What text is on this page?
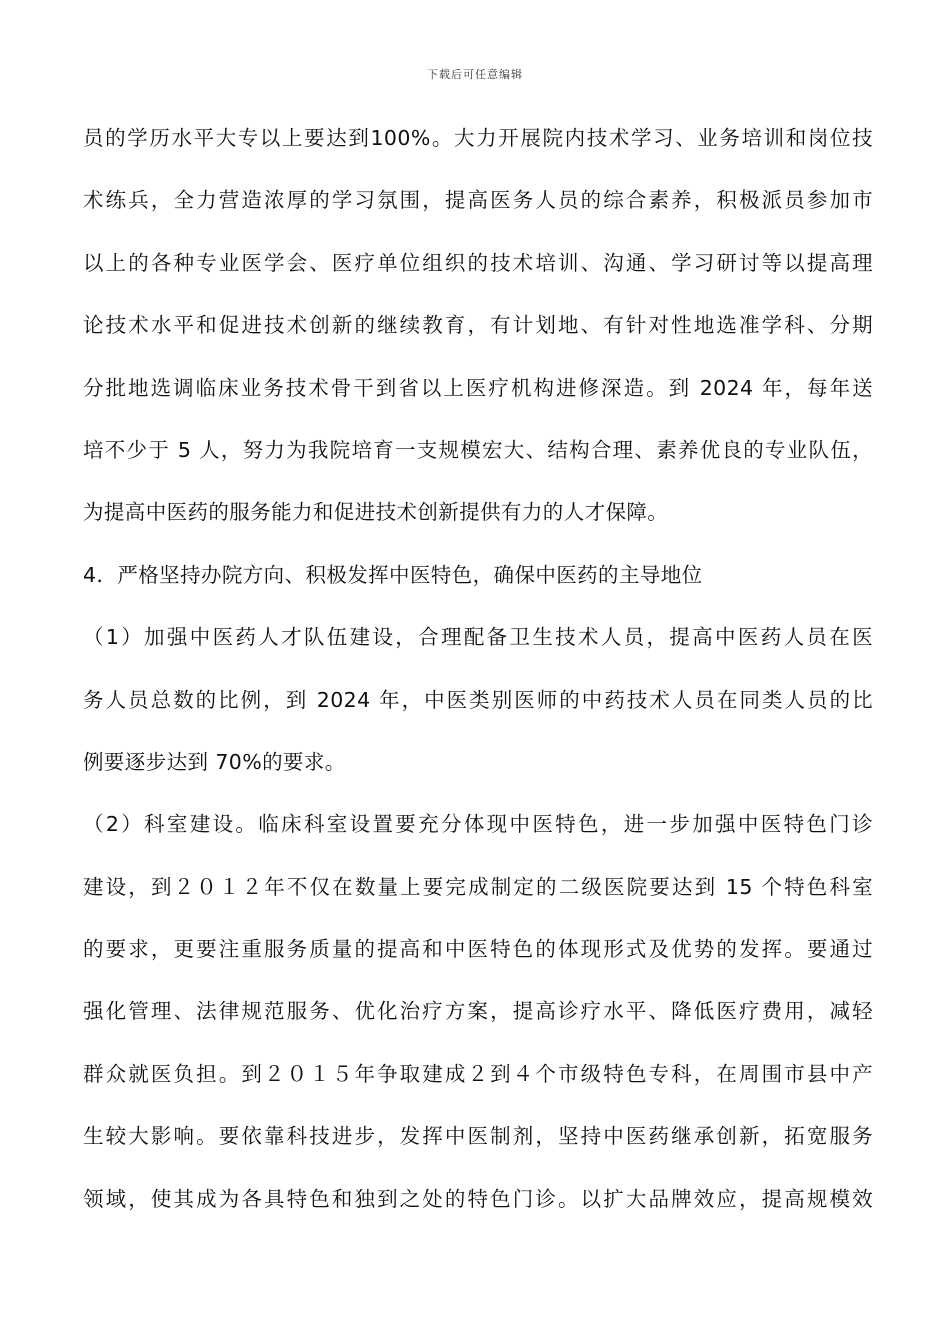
下载后可任意编辑
员的学历水平大专以上要达到100%。大力开展院内技术学习、业务培训和岗位技
术练兵，全力营造浓厚的学习氛围，提高医务人员的综合素养，积极派员参加市
以上的各种专业医学会、医疗单位组织的技术培训、沟通、学习研讨等以提高理
论技术水平和促进技术创新的继续教育，有计划地、有针对性地选准学科、分期
分批地选调临床业务技术骨干到省以上医疗机构进修深造。到 2024 年，每年送
培不少于 5 人，努力为我院培育一支规模宏大、结构合理、素养优良的专业队伍，
为提高中医药的服务能力和促进技术创新提供有力的人才保障。
4．严格坚持办院方向、积极发挥中医特色，确保中医药的主导地位
（1）加强中医药人才队伍建设，合理配备卫生技术人员，提高中医药人员在医
务人员总数的比例，到 2024 年，中医类别医师的中药技术人员在同类人员的比
例要逐步达到 70%的要求。
（2）科室建设。临床科室设置要充分体现中医特色，进一步加强中医特色门诊
建设，到２０１２年不仅在数量上要完成制定的二级医院要达到 15 个特色科室
的要求，更要注重服务质量的提高和中医特色的体现形式及优势的发挥。要通过
强化管理、法律规范服务、优化治疗方案，提高诊疗水平、降低医疗费用，减轻
群众就医负担。到２０１５年争取建成２到４个市级特色专科，在周围市县中产
生较大影响。要依靠科技进步，发挥中医制剂，坚持中医药继承创新，拓宽服务
领域，使其成为各具特色和独到之处的特色门诊。以扩大品牌效应，提高规模效
